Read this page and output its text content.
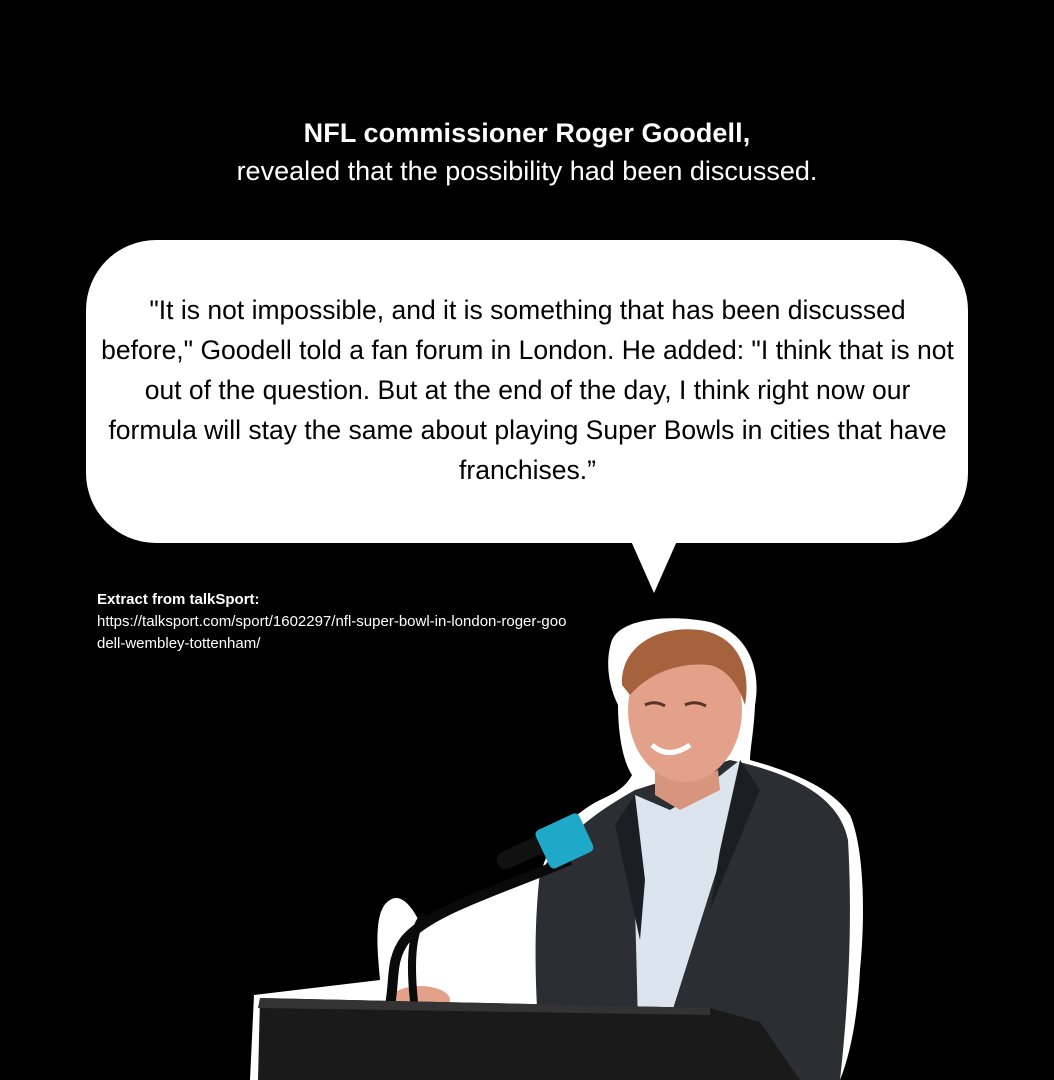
NFL commissioner Roger Goodell,
revealed that the possibility had been discussed.
"It is not impossible, and it is something that has been discussed before," Goodell told a fan forum in London. He added: "I think that is not out of the question. But at the end of the day, I think right now our formula will stay the same about playing Super Bowls in cities that have franchises.”
Extract from talkSport:
https://talksport.com/sport/1602297/nfl-super-bowl-in-london-roger-goodell-wembley-tottenham/
